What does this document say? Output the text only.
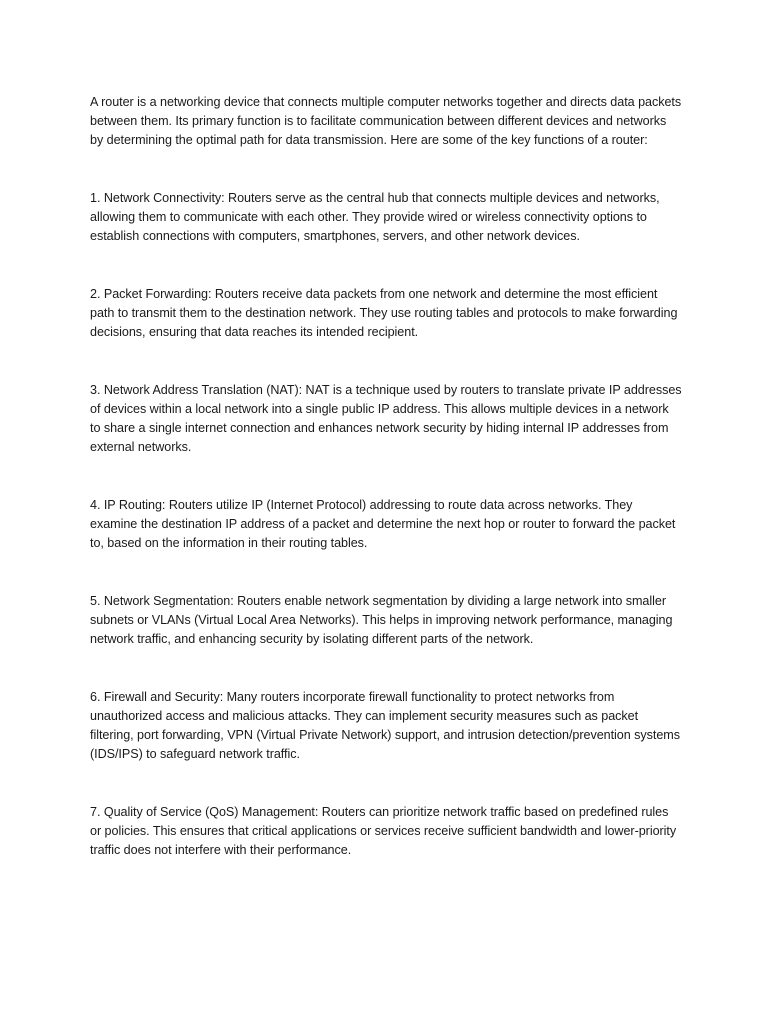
A router is a networking device that connects multiple computer networks together and directs data packets between them. Its primary function is to facilitate communication between different devices and networks by determining the optimal path for data transmission. Here are some of the key functions of a router:

1. Network Connectivity: Routers serve as the central hub that connects multiple devices and networks, allowing them to communicate with each other. They provide wired or wireless connectivity options to establish connections with computers, smartphones, servers, and other network devices.

2. Packet Forwarding: Routers receive data packets from one network and determine the most efficient path to transmit them to the destination network. They use routing tables and protocols to make forwarding decisions, ensuring that data reaches its intended recipient.

3. Network Address Translation (NAT): NAT is a technique used by routers to translate private IP addresses of devices within a local network into a single public IP address. This allows multiple devices in a network to share a single internet connection and enhances network security by hiding internal IP addresses from external networks.

4. IP Routing: Routers utilize IP (Internet Protocol) addressing to route data across networks. They examine the destination IP address of a packet and determine the next hop or router to forward the packet to, based on the information in their routing tables.

5. Network Segmentation: Routers enable network segmentation by dividing a large network into smaller subnets or VLANs (Virtual Local Area Networks). This helps in improving network performance, managing network traffic, and enhancing security by isolating different parts of the network.

6. Firewall and Security: Many routers incorporate firewall functionality to protect networks from unauthorized access and malicious attacks. They can implement security measures such as packet filtering, port forwarding, VPN (Virtual Private Network) support, and intrusion detection/prevention systems (IDS/IPS) to safeguard network traffic.

7. Quality of Service (QoS) Management: Routers can prioritize network traffic based on predefined rules or policies. This ensures that critical applications or services receive sufficient bandwidth and lower-priority traffic does not interfere with their performance.
